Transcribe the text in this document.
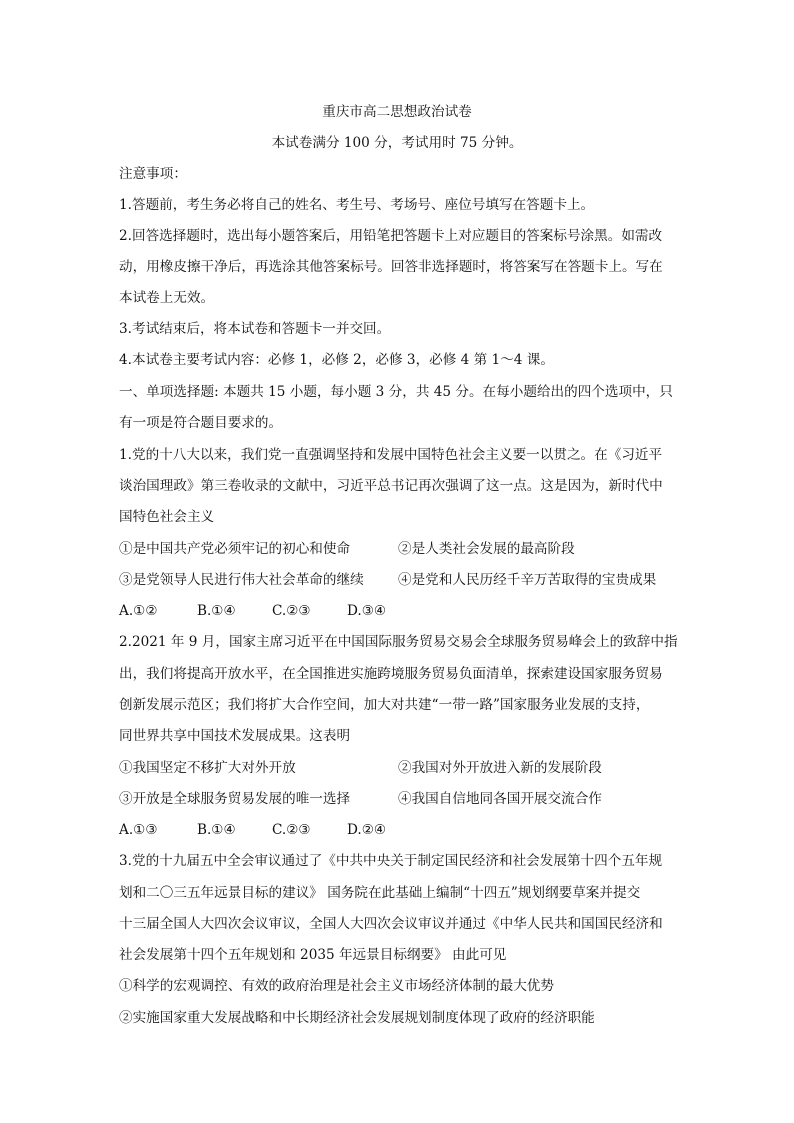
重庆市高二思想政治试卷
本试卷满分 100 分，考试用时 75 分钟。
注意事项：
1.答题前，考生务必将自己的姓名、考生号、考场号、座位号填写在答题卡上。
2.回答选择题时，选出每小题答案后，用铅笔把答题卡上对应题目的答案标号涂黑。如需改
动，用橡皮擦干净后，再选涂其他答案标号。回答非选择题时，将答案写在答题卡上。写在
本试卷上无效。
3.考试结束后，将本试卷和答题卡一并交回。
4.本试卷主要考试内容：必修 1，必修 2，必修 3，必修 4 第 1～4 课。
一、单项选择题: 本题共 15 小题，每小题 3 分，共 45 分。在每小题给出的四个选项中，只
有一项是符合题目要求的。
1.党的十八大以来，我们党一直强调坚持和发展中国特色社会主义要一以贯之。在《习近平
谈治国理政》第三卷收录的文献中，习近平总书记再次强调了这一点。这是因为，新时代中
国特色社会主义
①是中国共产党必须牢记的初心和使命	②是人类社会发展的最高阶段
③是党领导人民进行伟大社会革命的继续	④是党和人民历经千辛万苦取得的宝贵成果
A.①②	B.①④	C.②③	D.③④
2.2021 年 9 月，国家主席习近平在中国国际服务贸易交易会全球服务贸易峰会上的致辞中指
出，我们将提高开放水平，在全国推进实施跨境服务贸易负面清单，探索建设国家服务贸易
创新发展示范区；我们将扩大合作空间，加大对共建“一带一路”国家服务业发展的支持，
同世界共享中国技术发展成果。这表明
①我国坚定不移扩大对外开放	②我国对外开放进入新的发展阶段
③开放是全球服务贸易发展的唯一选择	④我国自信地同各国开展交流合作
A.①③	B.①④	C.②③	D.②④
3.党的十九届五中全会审议通过了《中共中央关于制定国民经济和社会发展第十四个五年规
划和二〇三五年远景目标的建议》 国务院在此基础上编制“十四五”规划纲要草案并提交
十三届全国人大四次会议审议，全国人大四次会议审议并通过《中华人民共和国国民经济和
社会发展第十四个五年规划和 2035 年远景目标纲要》 由此可见
①科学的宏观调控、有效的政府治理是社会主义市场经济体制的最大优势
②实施国家重大发展战略和中长期经济社会发展规划制度体现了政府的经济职能
